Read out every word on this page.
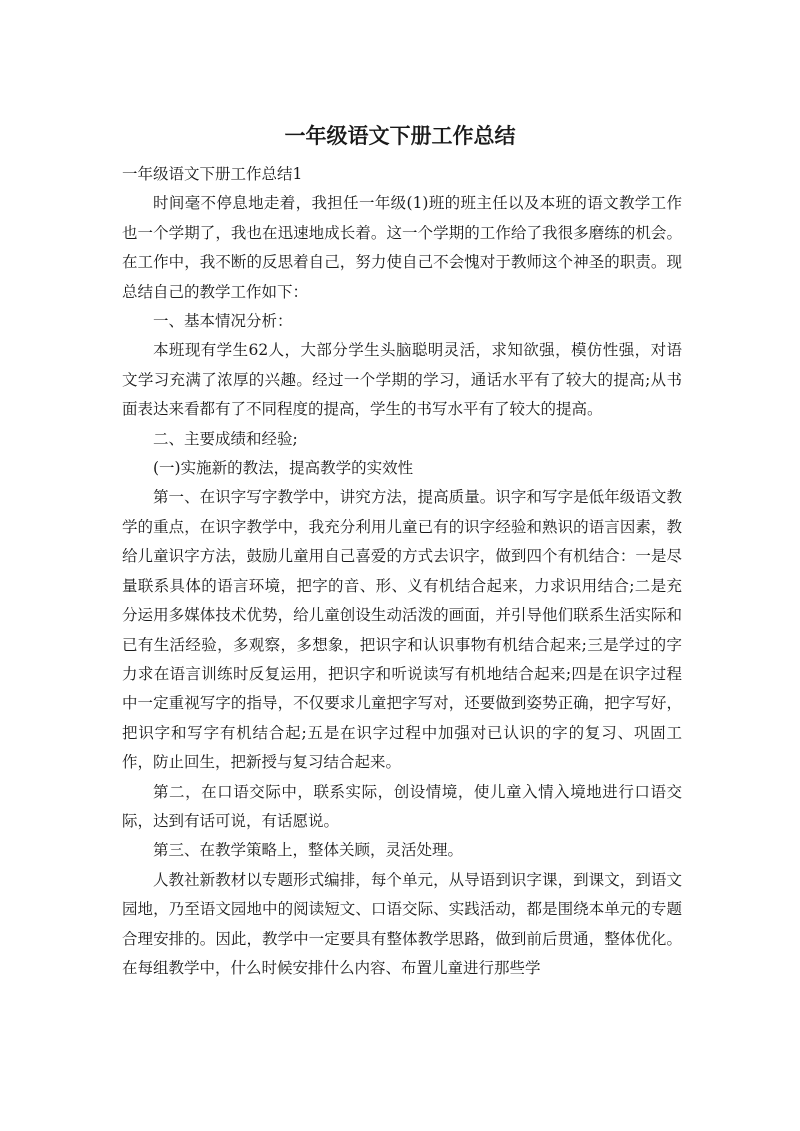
一年级语文下册工作总结

一年级语文下册工作总结1

时间毫不停息地走着，我担任一年级(1)班的班主任以及本班的语文教学工作也一个学期了，我也在迅速地成长着。这一个学期的工作给了我很多磨练的机会。在工作中，我不断的反思着自己，努力使自己不会愧对于教师这个神圣的职责。现总结自己的教学工作如下：

一、基本情况分析：

本班现有学生62人，大部分学生头脑聪明灵活，求知欲强，模仿性强，对语文学习充满了浓厚的兴趣。经过一个学期的学习，通话水平有了较大的提高;从书面表达来看都有了不同程度的提高，学生的书写水平有了较大的提高。

二、主要成绩和经验;

(一)实施新的教法，提高教学的实效性

第一、在识字写字教学中，讲究方法，提高质量。识字和写字是低年级语文教学的重点，在识字教学中，我充分利用儿童已有的识字经验和熟识的语言因素，教给儿童识字方法，鼓励儿童用自己喜爱的方式去识字，做到四个有机结合：一是尽量联系具体的语言环境，把字的音、形、义有机结合起来，力求识用结合;二是充分运用多媒体技术优势，给儿童创设生动活泼的画面，并引导他们联系生活实际和已有生活经验，多观察，多想象，把识字和认识事物有机结合起来;三是学过的字力求在语言训练时反复运用，把识字和听说读写有机地结合起来;四是在识字过程中一定重视写字的指导，不仅要求儿童把字写对，还要做到姿势正确，把字写好，把识字和写字有机结合起;五是在识字过程中加强对已认识的字的复习、巩固工作，防止回生，把新授与复习结合起来。

第二，在口语交际中，联系实际，创设情境，使儿童入情入境地进行口语交际，达到有话可说，有话愿说。

第三、在教学策略上，整体关顾，灵活处理。

人教社新教材以专题形式编排，每个单元，从导语到识字课，到课文，到语文园地，乃至语文园地中的阅读短文、口语交际、实践活动，都是围绕本单元的专题合理安排的。因此，教学中一定要具有整体教学思路，做到前后贯通，整体优化。在每组教学中，什么时候安排什么内容、布置儿童进行那些学
